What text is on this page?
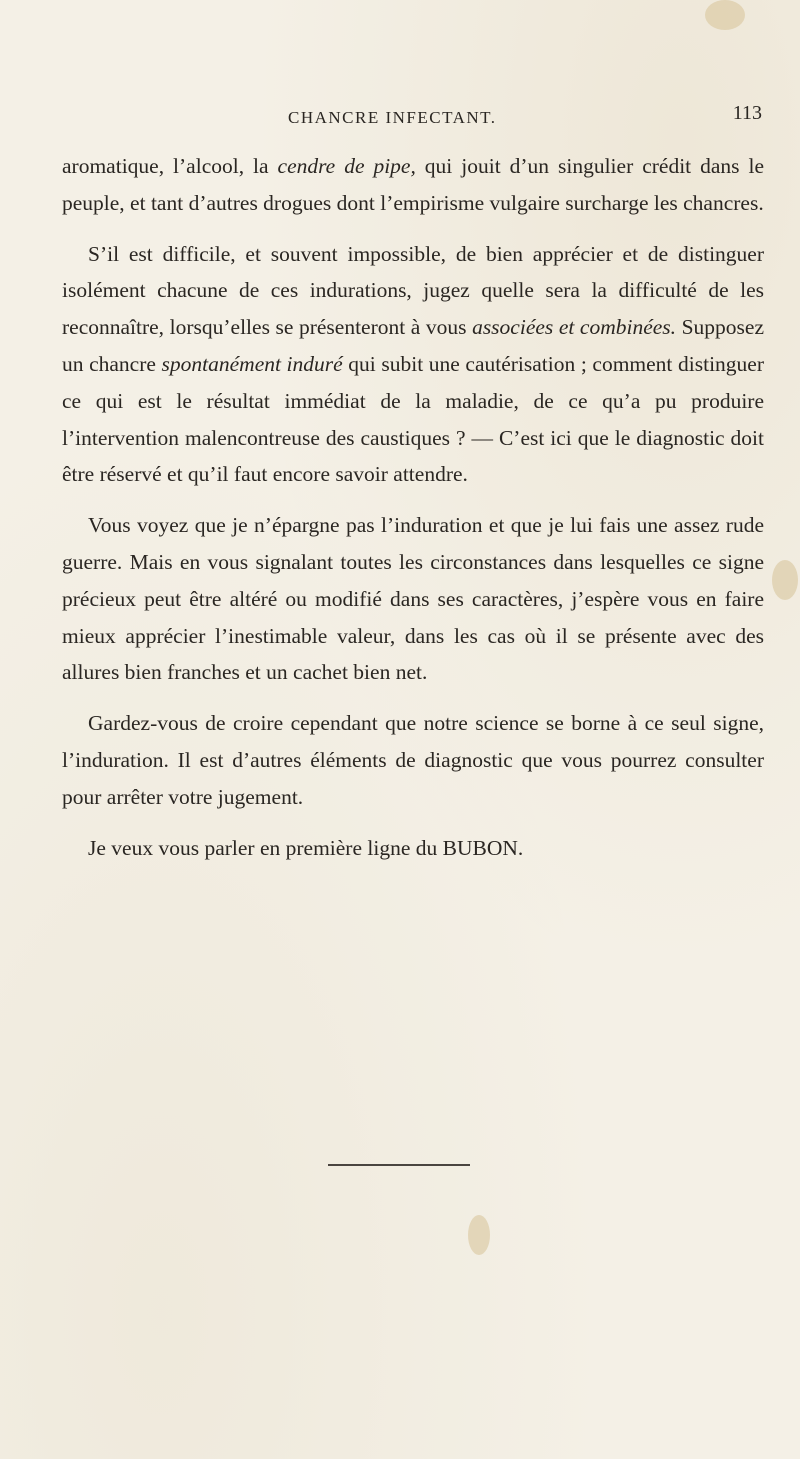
CHANCRE INFECTANT.	113

aromatique, l’alcool, la cendre de pipe, qui jouit d’un singulier crédit dans le peuple, et tant d’autres drogues dont l’empirisme vulgaire surcharge les chancres.

S’il est difficile, et souvent impossible, de bien apprécier et de distinguer isolément chacune de ces indurations, jugez quelle sera la difficulté de les reconnaître, lorsqu’elles se présenteront à vous associées et combinées. Supposez un chancre spontanément induré qui subit une cautérisation ; comment distinguer ce qui est le résultat immédiat de la maladie, de ce qu’a pu produire l’intervention malencontreuse des caustiques ? — C’est ici que le diagnostic doit être réservé et qu’il faut encore savoir attendre.

Vous voyez que je n’épargne pas l’induration et que je lui fais une assez rude guerre. Mais en vous signalant toutes les circonstances dans lesquelles ce signe précieux peut être altéré ou modifié dans ses caractères, j’espère vous en faire mieux apprécier l’inestimable valeur, dans les cas où il se présente avec des allures bien franches et un cachet bien net.

Gardez-vous de croire cependant que notre science se borne à ce seul signe, l’induration. Il est d’autres éléments de diagnostic que vous pourrez consulter pour arrêter votre jugement.

Je veux vous parler en première ligne du BUBON.
